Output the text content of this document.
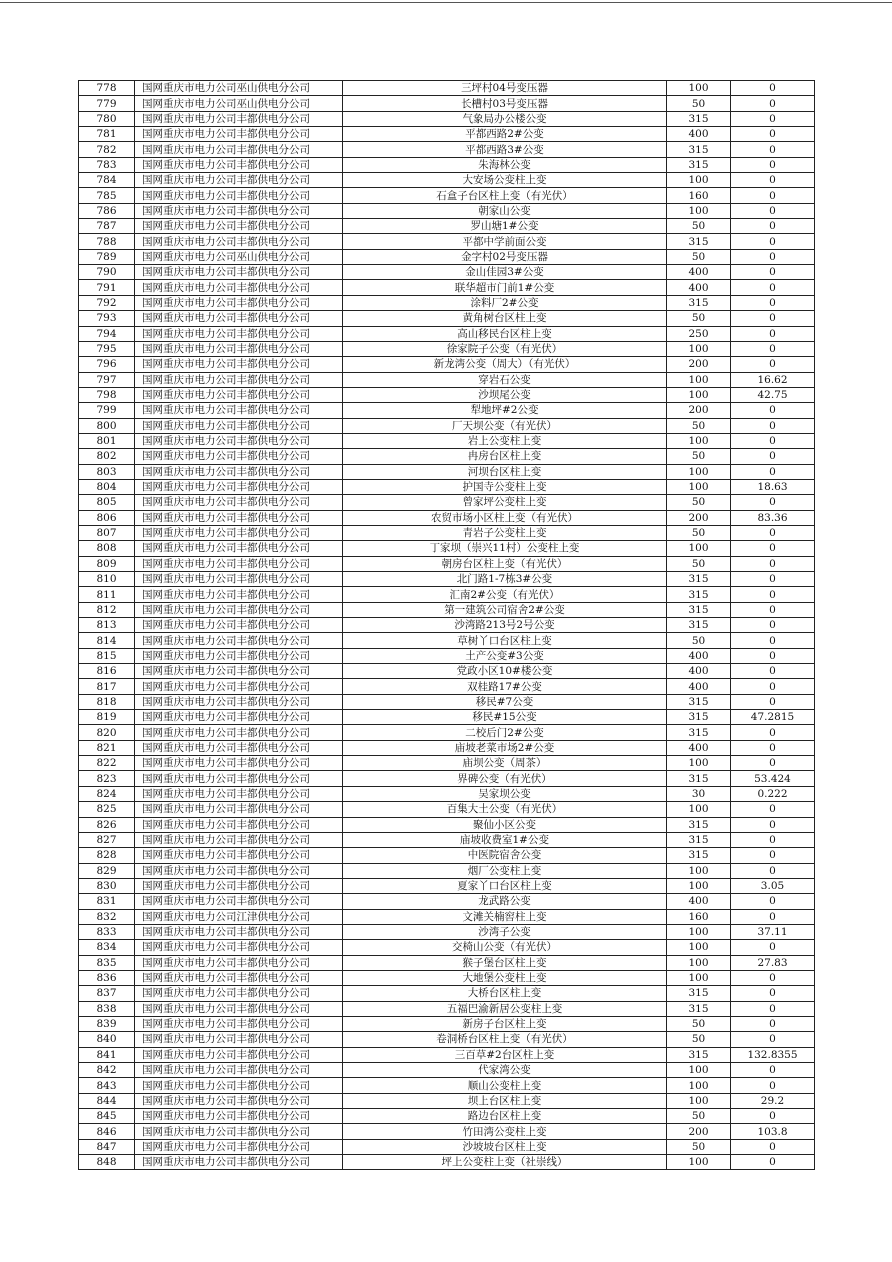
778	国网重庆市电力公司巫山供电分公司	三坪村04号变压器	100	0
779	国网重庆市电力公司巫山供电分公司	长槽村03号变压器	50	0
780	国网重庆市电力公司丰都供电分公司	气象局办公楼公变	315	0
781	国网重庆市电力公司丰都供电分公司	平都西路2#公变	400	0
782	国网重庆市电力公司丰都供电分公司	平都西路3#公变	315	0
783	国网重庆市电力公司丰都供电分公司	朱海林公变	315	0
784	国网重庆市电力公司丰都供电分公司	大安场公变柱上变	100	0
785	国网重庆市电力公司丰都供电分公司	石盒子台区柱上变（有光伏）	160	0
786	国网重庆市电力公司丰都供电分公司	朝家山公变	100	0
787	国网重庆市电力公司丰都供电分公司	罗山塘1#公变	50	0
788	国网重庆市电力公司丰都供电分公司	平都中学前面公变	315	0
789	国网重庆市电力公司巫山供电分公司	金字村02号变压器	50	0
790	国网重庆市电力公司丰都供电分公司	金山佳园3#公变	400	0
791	国网重庆市电力公司丰都供电分公司	联华超市门前1#公变	400	0
792	国网重庆市电力公司丰都供电分公司	涂料厂2#公变	315	0
793	国网重庆市电力公司丰都供电分公司	黄角树台区柱上变	50	0
794	国网重庆市电力公司丰都供电分公司	高山移民台区柱上变	250	0
795	国网重庆市电力公司丰都供电分公司	徐家院子公变（有光伏）	100	0
796	国网重庆市电力公司丰都供电分公司	新龙湾公变（周大）（有光伏）	200	0
797	国网重庆市电力公司丰都供电分公司	穿岩石公变	100	16.62
798	国网重庆市电力公司丰都供电分公司	沙坝尾公变	100	42.75
799	国网重庆市电力公司丰都供电分公司	犁地坪#2公变	200	0
800	国网重庆市电力公司丰都供电分公司	厂天坝公变（有光伏）	50	0
801	国网重庆市电力公司丰都供电分公司	岩上公变柱上变	100	0
802	国网重庆市电力公司丰都供电分公司	冉房台区柱上变	50	0
803	国网重庆市电力公司丰都供电分公司	河坝台区柱上变	100	0
804	国网重庆市电力公司丰都供电分公司	护国寺公变柱上变	100	18.63
805	国网重庆市电力公司丰都供电分公司	曾家坪公变柱上变	50	0
806	国网重庆市电力公司丰都供电分公司	农贸市场小区柱上变（有光伏）	200	83.36
807	国网重庆市电力公司丰都供电分公司	青岩子公变柱上变	50	0
808	国网重庆市电力公司丰都供电分公司	丁家坝（崇兴11村）公变柱上变	100	0
809	国网重庆市电力公司丰都供电分公司	朝房台区柱上变（有光伏）	50	0
810	国网重庆市电力公司丰都供电分公司	北门路1-7栋3#公变	315	0
811	国网重庆市电力公司丰都供电分公司	汇南2#公变（有光伏）	315	0
812	国网重庆市电力公司丰都供电分公司	第一建筑公司宿舍2#公变	315	0
813	国网重庆市电力公司丰都供电分公司	沙湾路213号2号公变	315	0
814	国网重庆市电力公司丰都供电分公司	草树丫口台区柱上变	50	0
815	国网重庆市电力公司丰都供电分公司	土产公变#3公变	400	0
816	国网重庆市电力公司丰都供电分公司	党政小区10#楼公变	400	0
817	国网重庆市电力公司丰都供电分公司	双桂路17#公变	400	0
818	国网重庆市电力公司丰都供电分公司	移民#7公变	315	0
819	国网重庆市电力公司丰都供电分公司	移民#15公变	315	47.2815
820	国网重庆市电力公司丰都供电分公司	二校后门2#公变	315	0
821	国网重庆市电力公司丰都供电分公司	庙坡老菜市场2#公变	400	0
822	国网重庆市电力公司丰都供电分公司	庙坝公变（周茶）	100	0
823	国网重庆市电力公司丰都供电分公司	界碑公变（有光伏）	315	53.424
824	国网重庆市电力公司丰都供电分公司	吴家坝公变	30	0.222
825	国网重庆市电力公司丰都供电分公司	百集大土公变（有光伏）	100	0
826	国网重庆市电力公司丰都供电分公司	聚仙小区公变	315	0
827	国网重庆市电力公司丰都供电分公司	庙坡收费室1#公变	315	0
828	国网重庆市电力公司丰都供电分公司	中医院宿舍公变	315	0
829	国网重庆市电力公司丰都供电分公司	烟厂公变柱上变	100	0
830	国网重庆市电力公司丰都供电分公司	夏家丫口台区柱上变	100	3.05
831	国网重庆市电力公司丰都供电分公司	龙武路公变	400	0
832	国网重庆市电力公司江津供电分公司	文滩关楠窖柱上变	160	0
833	国网重庆市电力公司丰都供电分公司	沙湾子公变	100	37.11
834	国网重庆市电力公司丰都供电分公司	交椅山公变（有光伏）	100	0
835	国网重庆市电力公司丰都供电分公司	猴子堡台区柱上变	100	27.83
836	国网重庆市电力公司丰都供电分公司	大地堡公变柱上变	100	0
837	国网重庆市电力公司丰都供电分公司	大桥台区柱上变	315	0
838	国网重庆市电力公司丰都供电分公司	五福巴渝新居公变柱上变	315	0
839	国网重庆市电力公司丰都供电分公司	新房子台区柱上变	50	0
840	国网重庆市电力公司丰都供电分公司	卷洞桥台区柱上变（有光伏）	50	0
841	国网重庆市电力公司丰都供电分公司	三百草#2台区柱上变	315	132.8355
842	国网重庆市电力公司丰都供电分公司	代家湾公变	100	0
843	国网重庆市电力公司丰都供电分公司	顺山公变柱上变	100	0
844	国网重庆市电力公司丰都供电分公司	坝上台区柱上变	100	29.2
845	国网重庆市电力公司丰都供电分公司	路边台区柱上变	50	0
846	国网重庆市电力公司丰都供电分公司	竹田湾公变柱上变	200	103.8
847	国网重庆市电力公司丰都供电分公司	沙坡坡台区柱上变	50	0
848	国网重庆市电力公司丰都供电分公司	坪上公变柱上变（社崇线）	100	0
